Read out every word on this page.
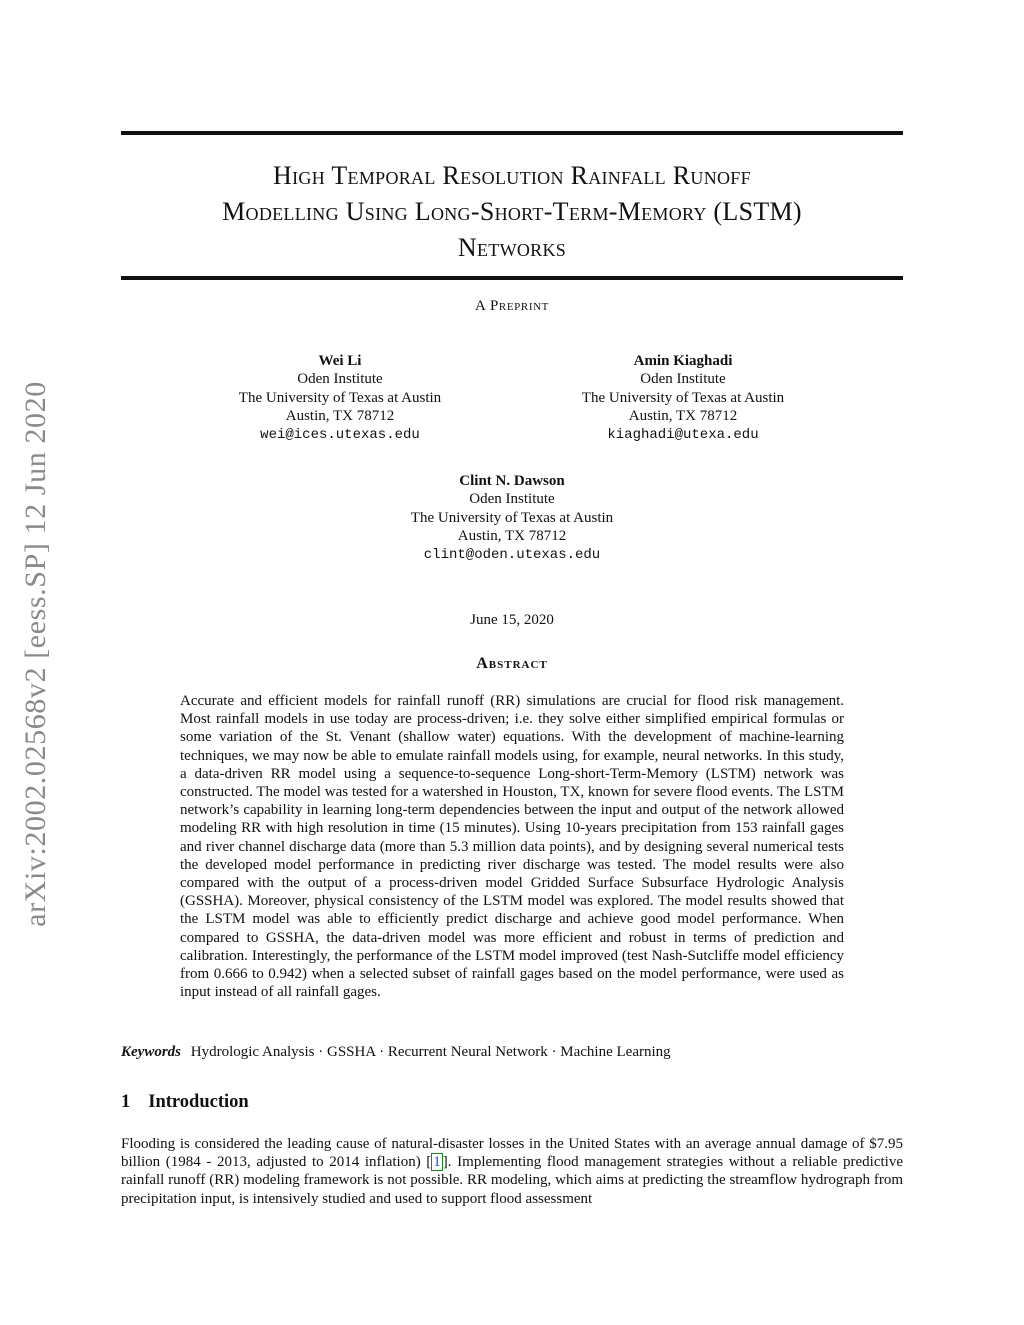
arXiv:2002.02568v2 [eess.SP] 12 Jun 2020
High Temporal Resolution Rainfall Runoff
Modelling Using Long-Short-Term-Memory (LSTM)
Networks
A Preprint
Wei Li
Oden Institute
The University of Texas at Austin
Austin, TX 78712
wei@ices.utexas.edu
Amin Kiaghadi
Oden Institute
The University of Texas at Austin
Austin, TX 78712
kiaghadi@utexa.edu
Clint N. Dawson
Oden Institute
The University of Texas at Austin
Austin, TX 78712
clint@oden.utexas.edu
June 15, 2020
Abstract

Accurate and efficient models for rainfall runoff (RR) simulations are crucial for flood risk management. Most rainfall models in use today are process-driven; i.e. they solve either simplified empirical formulas or some variation of the St. Venant (shallow water) equations. With the development of machine-learning techniques, we may now be able to emulate rainfall models using, for example, neural networks. In this study, a data-driven RR model using a sequence-to-sequence Long-short-Term-Memory (LSTM) network was constructed. The model was tested for a watershed in Houston, TX, known for severe flood events. The LSTM network’s capability in learning long-term dependencies between the input and output of the network allowed modeling RR with high resolution in time (15 minutes). Using 10-years precipitation from 153 rainfall gages and river channel discharge data (more than 5.3 million data points), and by designing several numerical tests the developed model performance in predicting river discharge was tested. The model results were also compared with the output of a process-driven model Gridded Surface Subsurface Hydrologic Analysis (GSSHA). Moreover, physical consistency of the LSTM model was explored. The model results showed that the LSTM model was able to efficiently predict discharge and achieve good model performance. When compared to GSSHA, the data-driven model was more efficient and robust in terms of prediction and calibration. Interestingly, the performance of the LSTM model improved (test Nash-Sutcliffe model efficiency from 0.666 to 0.942) when a selected subset of rainfall gages based on the model performance, were used as input instead of all rainfall gages.

Keywords Hydrologic Analysis · GSSHA · Recurrent Neural Network · Machine Learning
1 Introduction

Flooding is considered the leading cause of natural-disaster losses in the United States with an average annual damage of $7.95 billion (1984 - 2013, adjusted to 2014 inflation) [ 1 ]. Implementing flood management strategies without a reliable predictive rainfall runoff (RR) modeling framework is not possible. RR modeling, which aims at predicting the streamflow hydrograph from precipitation input, is intensively studied and used to support flood assessment
